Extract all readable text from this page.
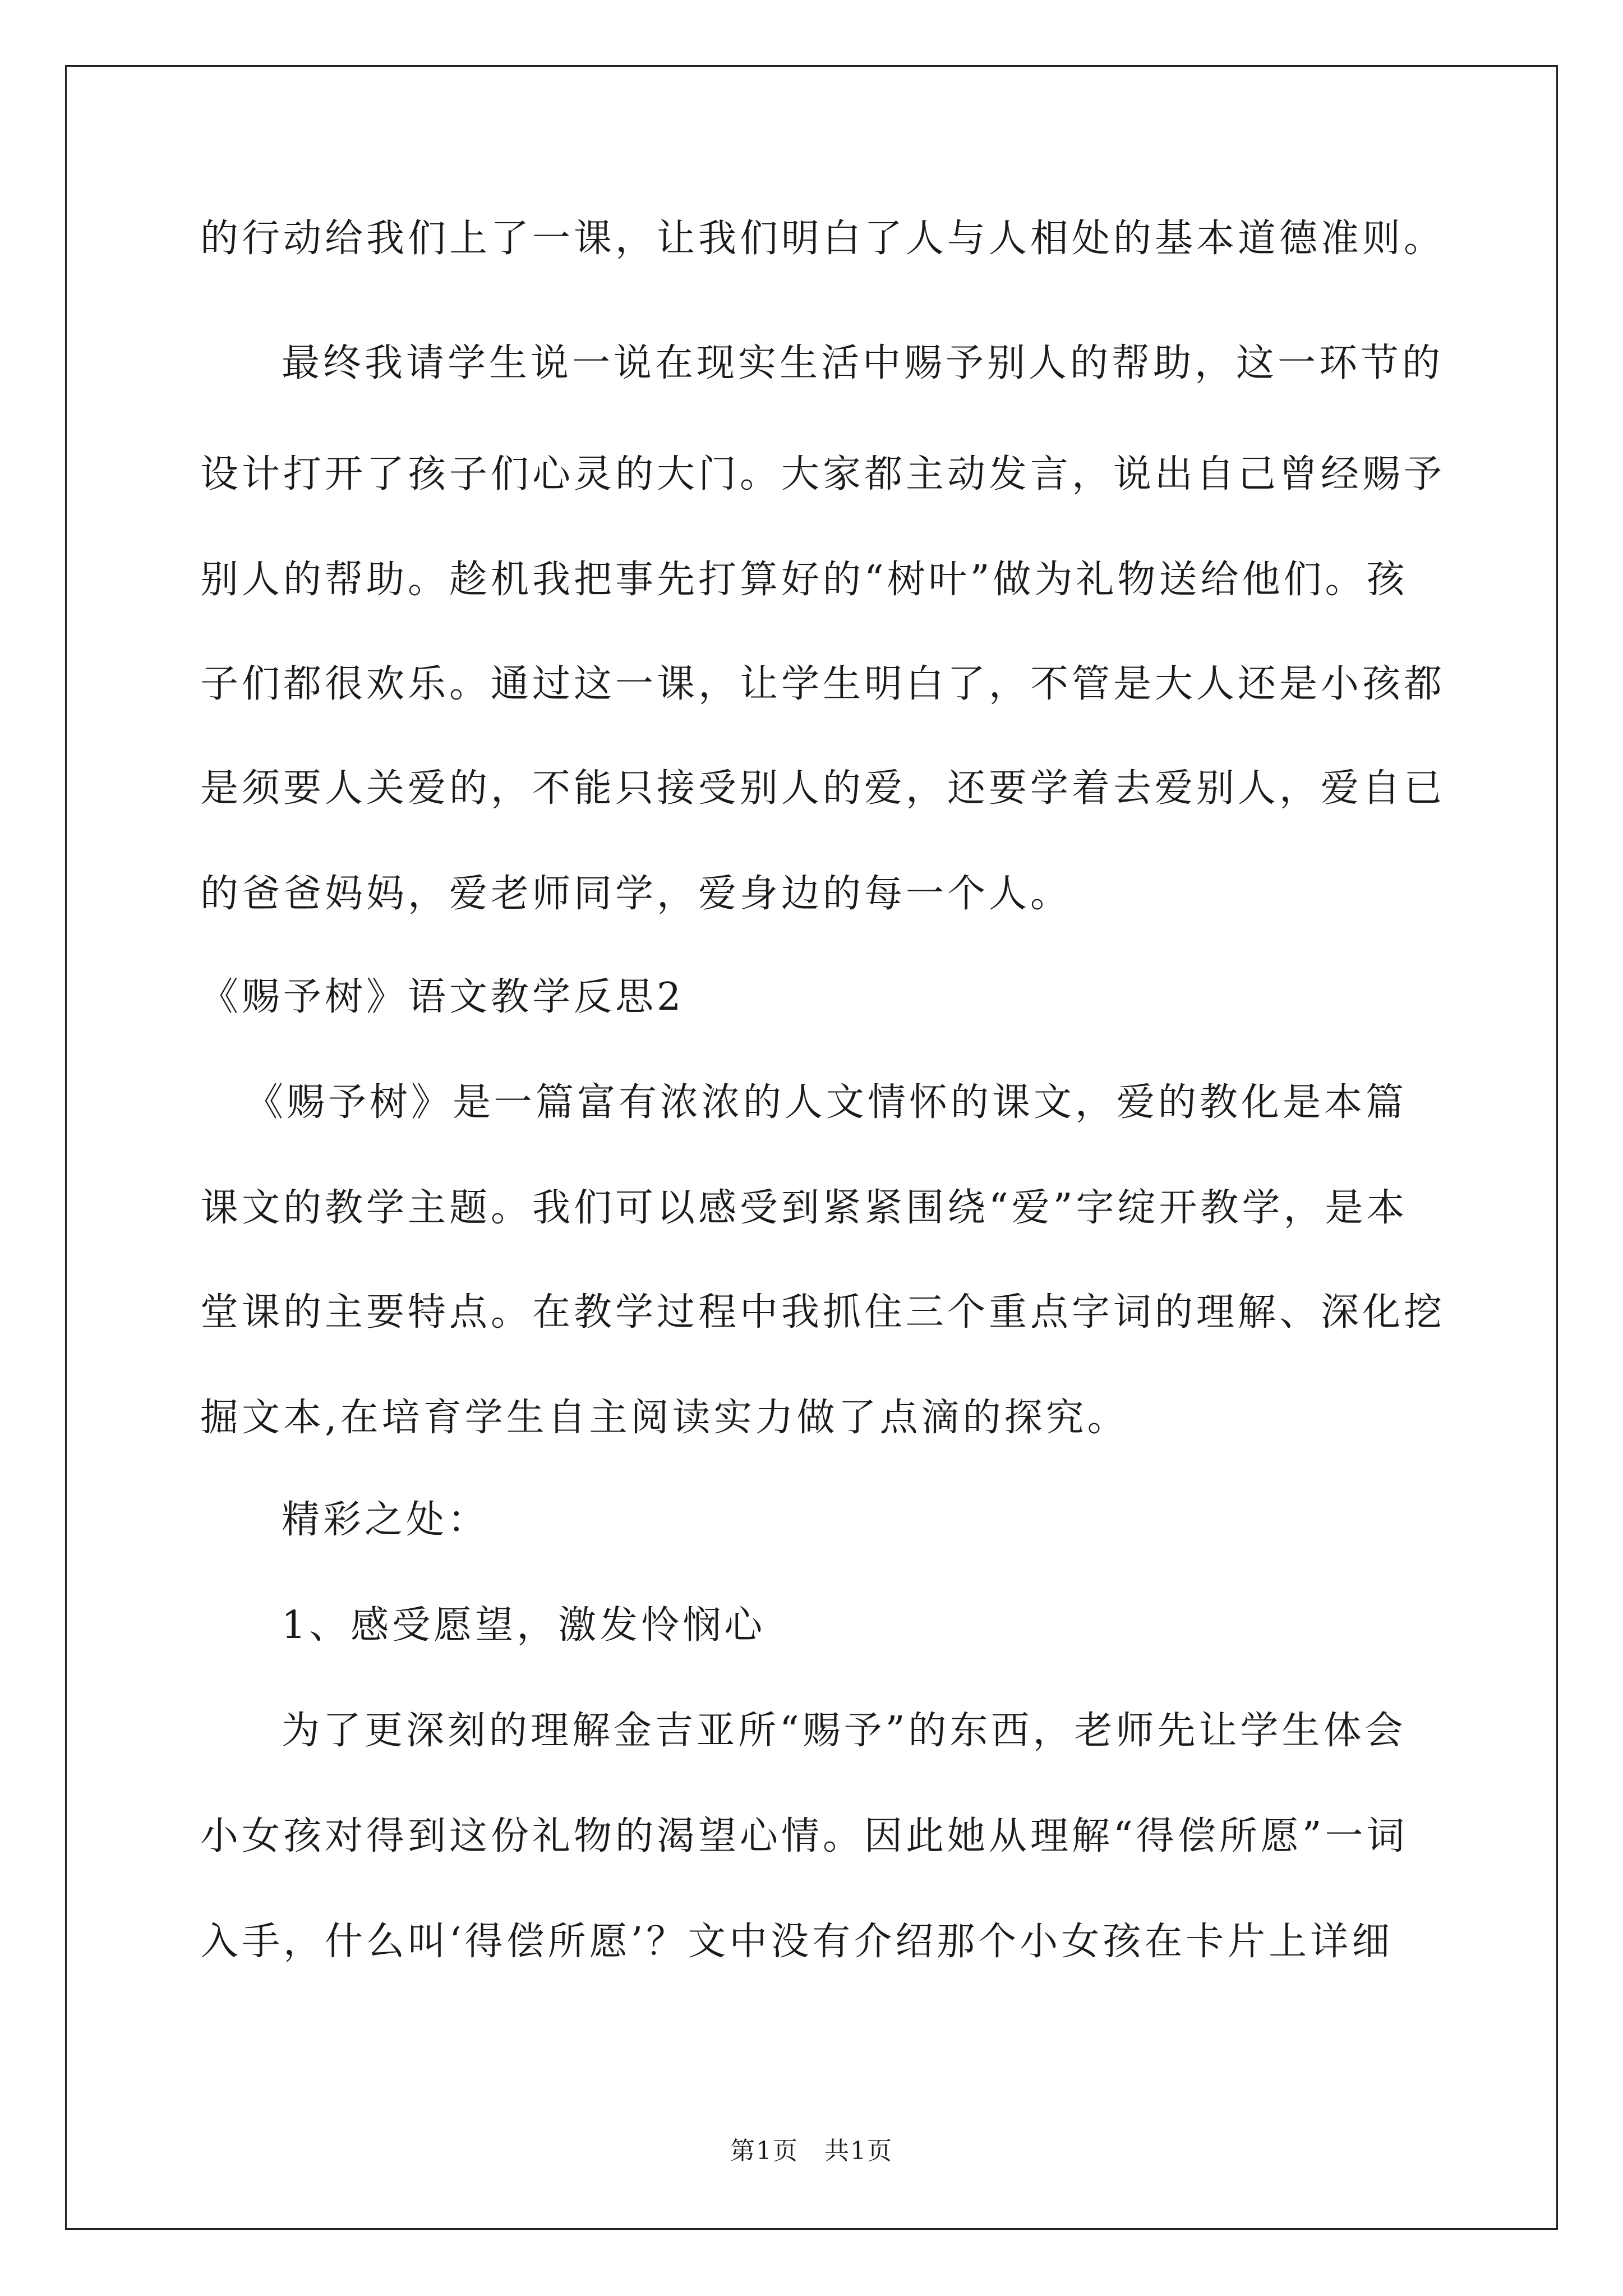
的行动给我们上了一课，让我们明白了人与人相处的基本道德准则。

最终我请学生说一说在现实生活中赐予别人的帮助，这一环节的

设计打开了孩子们心灵的大门。大家都主动发言，说出自己曾经赐予

别人的帮助。趁机我把事先打算好的“树叶”做为礼物送给他们。孩

子们都很欢乐。通过这一课，让学生明白了，不管是大人还是小孩都

是须要人关爱的，不能只接受别人的爱，还要学着去爱别人，爱自已

的爸爸妈妈，爱老师同学，爱身边的每一个人。

《赐予树》语文教学反思2

《赐予树》是一篇富有浓浓的人文情怀的课文，爱的教化是本篇

课文的教学主题。我们可以感受到紧紧围绕“爱”字绽开教学，是本

堂课的主要特点。在教学过程中我抓住三个重点字词的理解、深化挖

掘文本,在培育学生自主阅读实力做了点滴的探究。

精彩之处：

1、感受愿望，激发怜悯心

为了更深刻的理解金吉亚所“赐予”的东西，老师先让学生体会

小女孩对得到这份礼物的渴望心情。因此她从理解“得偿所愿”一词

入手，什么叫‘得偿所愿’？文中没有介绍那个小女孩在卡片上详细

第1页　共1页
